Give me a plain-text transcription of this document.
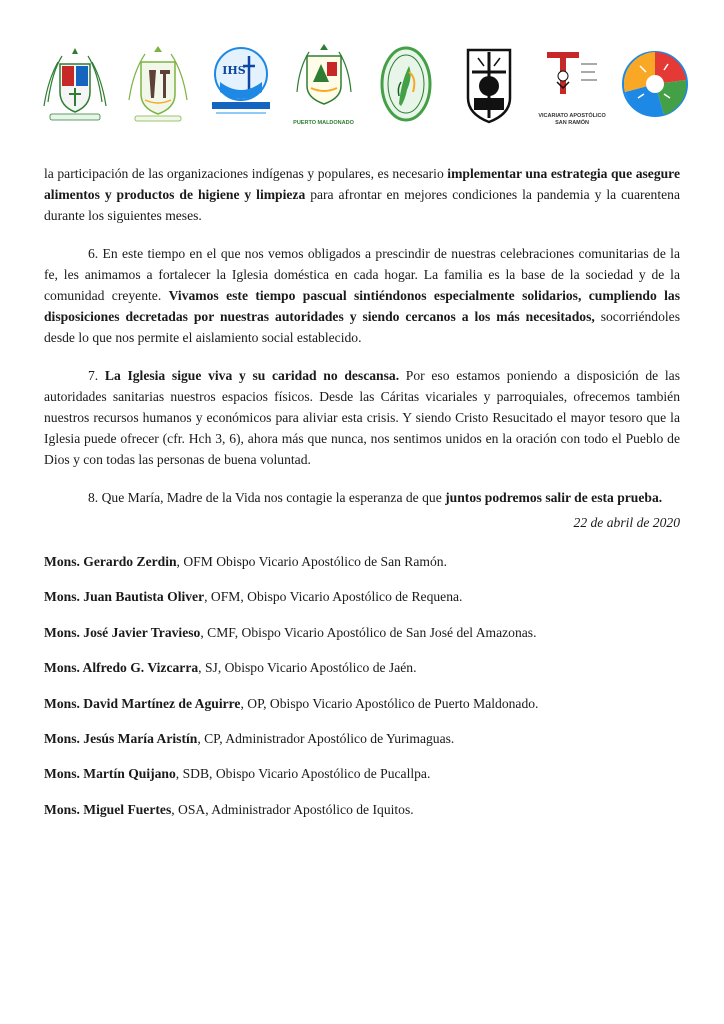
IHS
PUERTO MALDONADO
VICARIATO APOSTÓLICO SAN RAMÓN

la participación de las organizaciones indígenas y populares, es necesario implementar una estrategia que asegure alimentos y productos de higiene y limpieza para afrontar en mejores condiciones la pandemia y la cuarentena durante los siguientes meses.

6. En este tiempo en el que nos vemos obligados a prescindir de nuestras celebraciones comunitarias de la fe, les animamos a fortalecer la Iglesia doméstica en cada hogar. La familia es la base de la sociedad y de la comunidad creyente. Vivamos este tiempo pascual sintiéndonos especialmente solidarios, cumpliendo las disposiciones decretadas por nuestras autoridades y siendo cercanos a los más necesitados, socorriéndoles desde lo que nos permite el aislamiento social establecido.

7. La Iglesia sigue viva y su caridad no descansa. Por eso estamos poniendo a disposición de las autoridades sanitarias nuestros espacios físicos. Desde las Cáritas vicariales y parroquiales, ofrecemos también nuestros recursos humanos y económicos para aliviar esta crisis. Y siendo Cristo Resucitado el mayor tesoro que la Iglesia puede ofrecer (cfr. Hch 3, 6), ahora más que nunca, nos sentimos unidos en la oración con todo el Pueblo de Dios y con todas las personas de buena voluntad.

8. Que María, Madre de la Vida nos contagie la esperanza de que juntos podremos salir de esta prueba.

22 de abril de 2020
Mons. Gerardo Zerdin, OFM Obispo Vicario Apostólico de San Ramón.
Mons. Juan Bautista Oliver, OFM, Obispo Vicario Apostólico de Requena.
Mons. José Javier Travieso, CMF, Obispo Vicario Apostólico de San José del Amazonas.
Mons. Alfredo G. Vizcarra, SJ, Obispo Vicario Apostólico de Jaén.
Mons. David Martínez de Aguirre, OP, Obispo Vicario Apostólico de Puerto Maldonado.
Mons. Jesús María Aristín, CP, Administrador Apostólico de Yurimaguas.
Mons. Martín Quijano, SDB, Obispo Vicario Apostólico de Pucallpa.
Mons. Miguel Fuertes, OSA, Administrador Apostólico de Iquitos.
